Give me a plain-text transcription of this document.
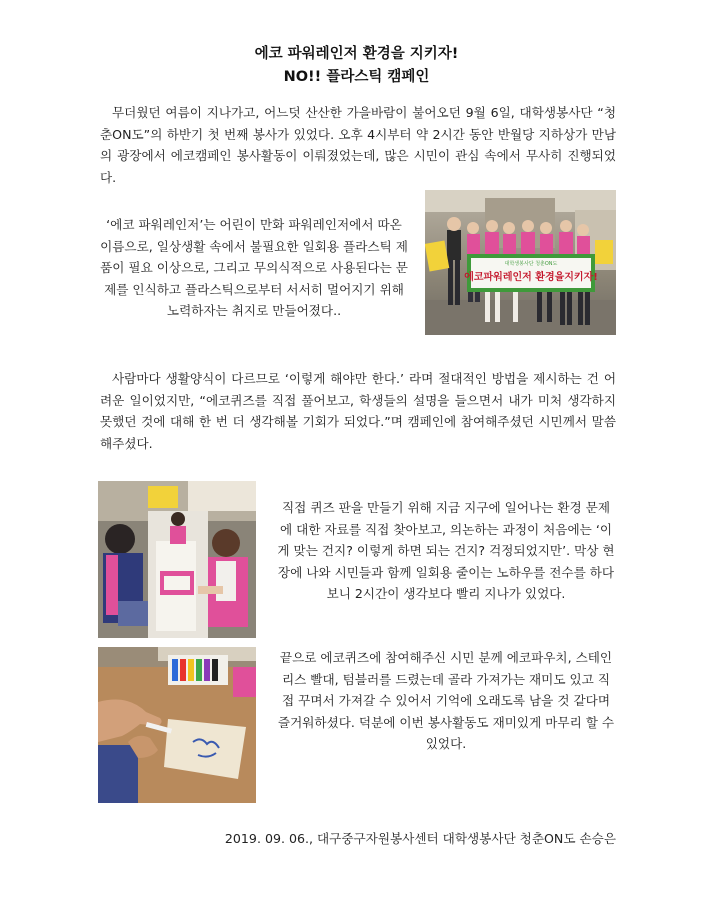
에코 파워레인저 환경을 지키자!
NO!! 플라스틱 캠페인

무더웠던 여름이 지나가고, 어느덧 산산한 가을바람이 불어오던 9월 6일, 대학생봉사단 “청춘ON도”의 하반기 첫 번째 봉사가 있었다. 오후 4시부터 약 2시간 동안 반월당 지하상가 만남의 광장에서 에코캠페인 봉사활동이 이뤄졌었는데, 많은 시민이 관심 속에서 무사히 진행되었다.

‘에코 파워레인저’는 어린이 만화 파워레인저에서 따온 이름으로, 일상생활 속에서 불필요한 일회용 플라스틱 제품이 필요 이상으로, 그리고 무의식적으로 사용된다는 문제를 인식하고 플라스틱으로부터 서서히 멀어지기 위해 노력하자는 취지로 만들어졌다..

대학생봉사단 청춘ON도
에코파워레인저 환경을지키자!

사람마다 생활양식이 다르므로 ‘이렇게 해야만 한다.’ 라며 절대적인 방법을 제시하는 건 어려운 일이었지만, “에코퀴즈를 직접 풀어보고, 학생들의 설명을 들으면서 내가 미처 생각하지 못했던 것에 대해 한 번 더 생각해볼 기회가 되었다.”며 캠페인에 참여해주셨던 시민께서 말씀해주셨다.

직접 퀴즈 판을 만들기 위해 지금 지구에 일어나는 환경 문제에 대한 자료를 직접 찾아보고, 의논하는 과정이 처음에는 ‘이게 맞는 건지? 이렇게 하면 되는 건지? 걱정되었지만’. 막상 현장에 나와 시민들과 함께 일회용 줄이는 노하우를 전수를 하다 보니 2시간이 생각보다 빨리 지나가 있었다.

끝으로 에코퀴즈에 참여해주신 시민 분께 에코파우치, 스테인리스 빨대, 텀블러를 드렸는데 골라 가져가는 재미도 있고 직접 꾸며서 가져갈 수 있어서 기억에 오래도록 남을 것 같다며 즐거워하셨다. 덕분에 이번 봉사활동도 재미있게 마무리 할 수 있었다.

2019. 09. 06., 대구중구자원봉사센터 대학생봉사단 청춘ON도 손승은
